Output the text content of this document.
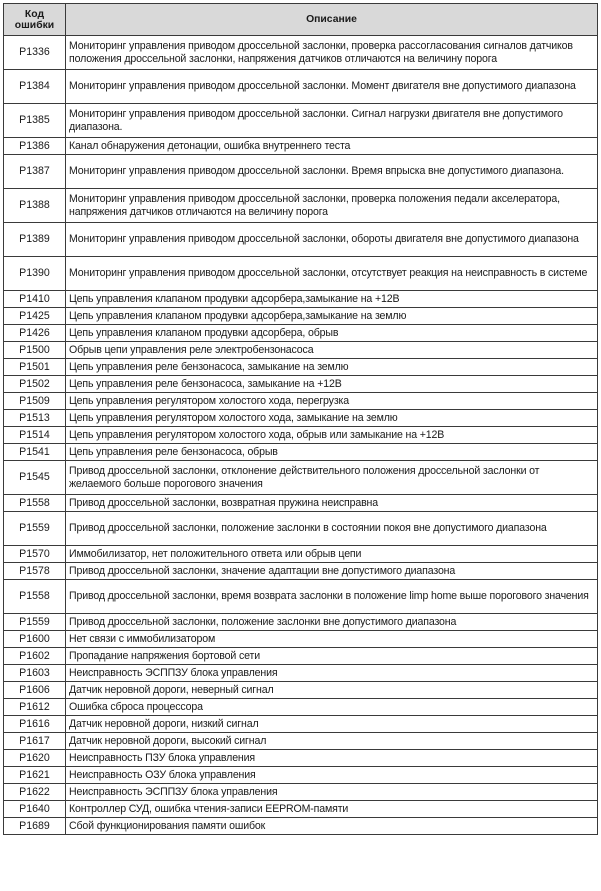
Код
ошибки	Описание
P1336	Мониторинг управления приводом дроссельной заслонки, проверка рассогласования сигналов датчиков положения дроссельной заслонки, напряжения датчиков отличаются на величину порога
P1384	Мониторинг управления приводом дроссельной заслонки. Момент двигателя вне допустимого диапазона
P1385	Мониторинг управления приводом дроссельной заслонки. Сигнал нагрузки двигателя вне допустимого диапазона.
P1386	Канал обнаружения детонации, ошибка внутреннего теста
P1387	Мониторинг управления приводом дроссельной заслонки. Время впрыска вне допустимого диапазона.
P1388	Мониторинг управления приводом дроссельной заслонки, проверка положения педали акселератора, напряжения датчиков отличаются на величину порога
P1389	Мониторинг управления приводом дроссельной заслонки, обороты двигателя вне допустимого диапазона
P1390	Мониторинг управления приводом дроссельной заслонки, отсутствует реакция на неисправность в системе
P1410	Цепь управления клапаном продувки адсорбера,замыкание на +12В
P1425	Цепь управления клапаном продувки адсорбера,замыкание на землю
P1426	Цепь управления клапаном продувки адсорбера, обрыв
P1500	Обрыв цепи управления реле электробензонасоса
P1501	Цепь управления реле бензонасоса, замыкание на землю
P1502	Цепь управления реле бензонасоса, замыкание на +12В
P1509	Цепь управления регулятором холостого хода, перегрузка
P1513	Цепь управления регулятором холостого хода, замыкание на землю
P1514	Цепь управления регулятором холостого хода, обрыв или замыкание на +12В
P1541	Цепь управления реле бензонасоса, обрыв
P1545	Привод дроссельной заслонки, отклонение действительного положения дроссельной заслонки от желаемого больше порогового значения
P1558	Привод дроссельной заслонки, возвратная пружина неисправна
P1559	Привод дроссельной заслонки, положение заслонки в состоянии покоя вне допустимого диапазона
P1570	Иммобилизатор, нет положительного ответа или обрыв цепи
P1578	Привод дроссельной заслонки, значение адаптации вне допустимого диапазона
P1558	Привод дроссельной заслонки, время возврата заслонки в положение limp home выше порогового значения
P1559	Привод дроссельной заслонки, положение заслонки вне допустимого диапазона
P1600	Нет связи с иммобилизатором
P1602	Пропадание напряжения бортовой сети
P1603	Неисправность ЭСППЗУ блока управления
P1606	Датчик неровной дороги, неверный сигнал
P1612	Ошибка сброса процессора
P1616	Датчик неровной дороги, низкий сигнал
P1617	Датчик неровной дороги, высокий сигнал
P1620	Неисправность ПЗУ блока управления
P1621	Неисправность ОЗУ блока управления
P1622	Неисправность ЭСППЗУ блока управления
P1640	Контроллер СУД, ошибка чтения-записи EEPROM-памяти
P1689	Сбой функционирования памяти ошибок
